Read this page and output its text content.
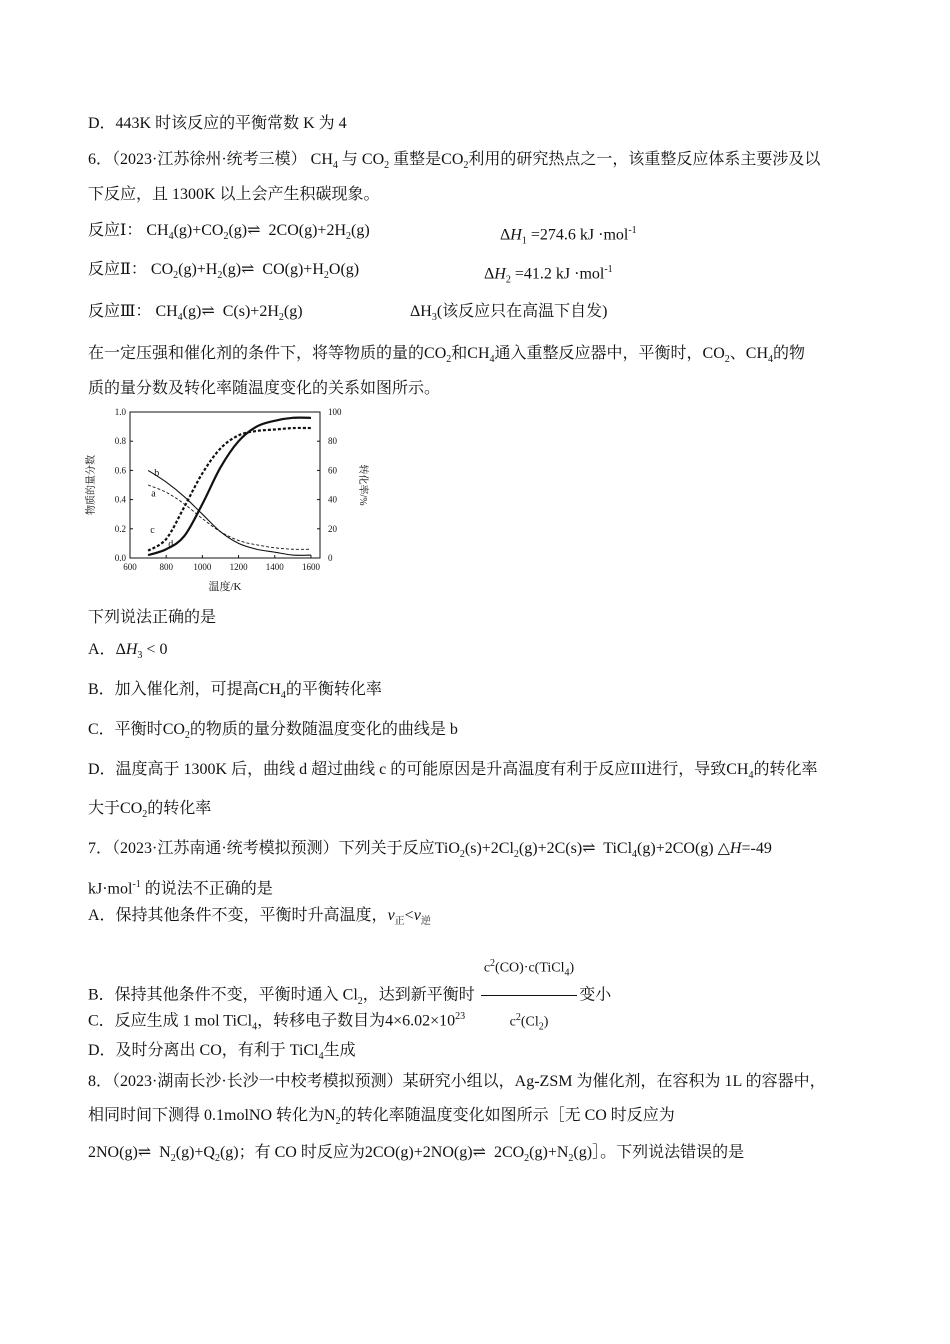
D．443K 时该反应的平衡常数 K 为 4
6．（2023·江苏徐州·统考三模） $CH_4$ 与 $CO_2$ 重整是$CO_2$利用的研究热点之一，该重整反应体系主要涉及以
下反应，且 1300K 以上会产生积碳现象。
反应Ⅰ： $CH_4(g)+CO_2(g)\rightleftharpoons$  $2CO(g)+2H_2(g)$	$\Delta H_1 =274.6$ kJ ·mol$^{-1}$
反应Ⅱ： $CO_2(g)+H_2(g)\rightleftharpoons$  $CO(g)+H_2O(g)$	$\Delta H_2 =41.2$ kJ ·mol$^{-1}$
反应Ⅲ： $CH_4(g)\rightleftharpoons$  $C(s)+2H_2(g)$	$\Delta H_3$(该反应只在高温下自发)
在一定压强和催化剂的条件下，将等物质的量的$CO_2$和$CH_4$通入重整反应器中，平衡时，$CO_2$、$CH_4$的物
质的量分数及转化率随温度变化的关系如图所示。
600	800 1000 1200 1400 1600
0.0
0.2
0.4
0.6
0.8
1.0
0
20
40
60
80
100
a
b
c
d
温度/K
物质的量分数	转化率/%
下列说法正确的是
A．$\Delta H_3 < 0$
B．加入催化剂，可提高$CH_4$的平衡转化率
C．平衡时$CO_2$的物质的量分数随温度变化的曲线是 b
D．温度高于 1300K 后，曲线 d 超过曲线 c 的可能原因是升高温度有利于反应III进行，导致$CH_4$的转化率
大于$CO_2$的转化率
7．（2023·江苏南通·统考模拟预测）下列关于反应$TiO_2(s)+2Cl_2(g)+2C(s)\rightleftharpoons$  TiCl$_4$(g)+2CO(g) △H=-49
kJ·mol$^{-1}$ 的说法不正确的是
A．保持其他条件不变，平衡时升高温度，$v_正<v_逆$
B．保持其他条件不变，平衡时通入 $Cl_2$，达到新平衡时 $\frac{c^2(CO)\cdot c(TiCl_4)}{c^2(Cl_2)}$ 变小
C．反应生成 1 mol TiCl$_4$，转移电子数目为$4\times 6.02\times 10^{23}$
D．及时分离出 CO，有利于 TiCl$_4$生成
8．（2023·湖南长沙·长沙一中校考模拟预测）某研究小组以，Ag-ZSM 为催化剂，在容积为 1L 的容器中，
相同时间下测得 0.1molNO 转化为$N_2$的转化率随温度变化如图所示［无 CO 时反应为
2NO(g)⇌  $N_2(g)+Q_2(g)$；有 CO 时反应为2CO(g)+2NO(g)⇌  $2CO_2(g)+N_2(g)]$。下列说法错误的是
